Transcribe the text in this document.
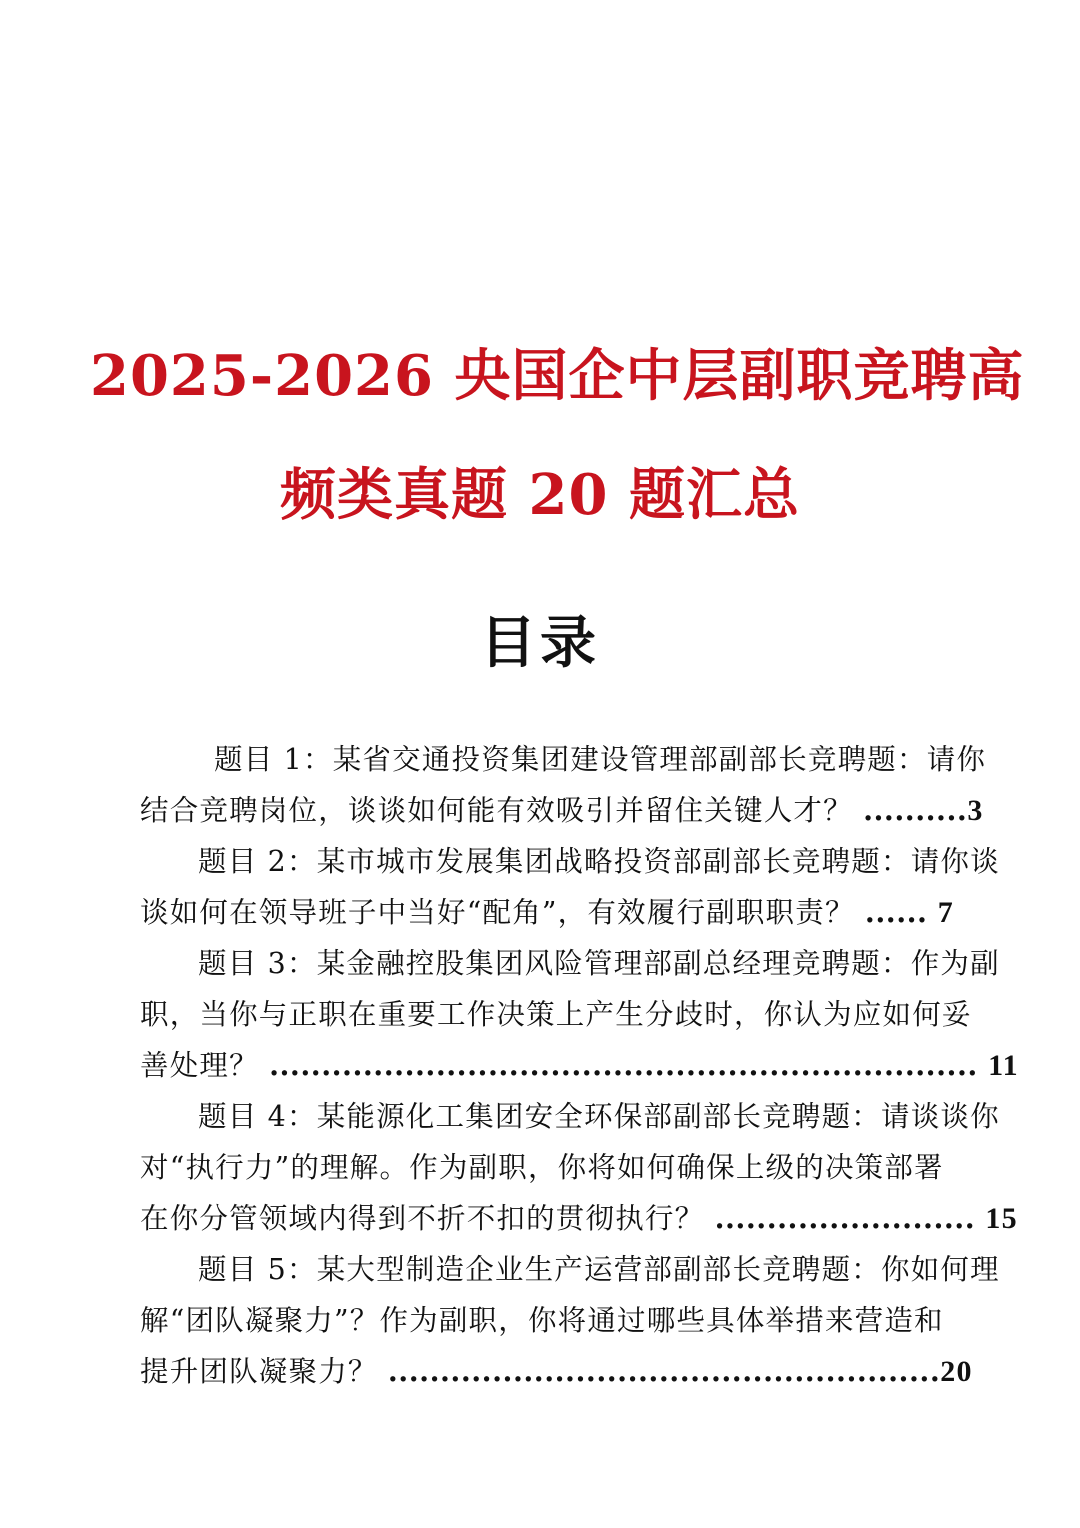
2025-2026 央国企中层副职竞聘高
频类真题 20 题汇总
目录
题目 1：某省交通投资集团建设管理部副部长竞聘题：请你
结合竞聘岗位，谈谈如何能有效吸引并留住关键人才？ ..........3
题目 2：某市城市发展集团战略投资部副部长竞聘题：请你谈
谈如何在领导班子中当好“配角”，有效履行副职职责？ ...... 7
题目 3：某金融控股集团风险管理部副总经理竞聘题：作为副
职，当你与正职在重要工作决策上产生分歧时，你认为应如何妥
善处理？ .................................................................... 11
题目 4：某能源化工集团安全环保部副部长竞聘题：请谈谈你
对“执行力”的理解。作为副职，你将如何确保上级的决策部署
在你分管领域内得到不折不扣的贯彻执行？ ......................... 15
题目 5：某大型制造企业生产运营部副部长竞聘题：你如何理
解“团队凝聚力”？作为副职，你将通过哪些具体举措来营造和
提升团队凝聚力？ .....................................................20
